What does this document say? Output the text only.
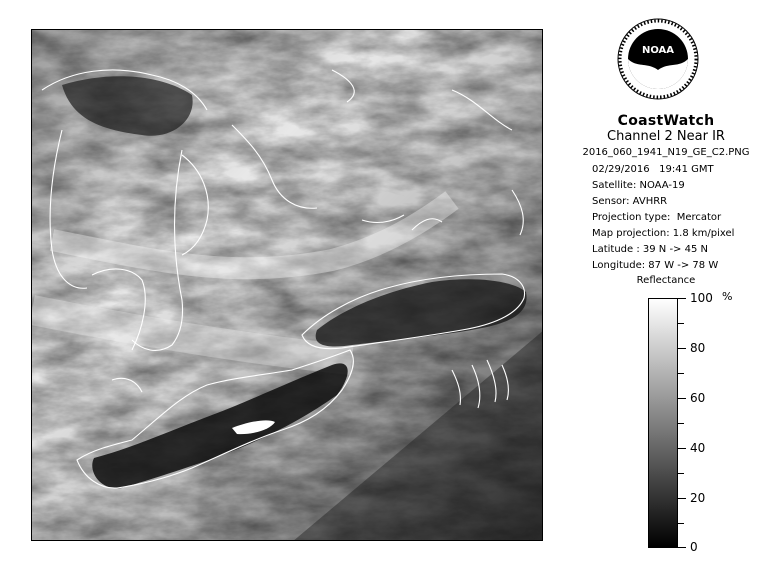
NOAA
CoastWatch
Channel 2 Near IR
2016_060_1941_N19_GE_C2.PNG
02/29/2016   19:41 GMT
Satellite: NOAA-19
Sensor: AVHRR
Projection type:  Mercator
Map projection: 1.8 km/pixel
Latitude : 39 N -> 45 N
Longitude: 87 W -> 78 W
Reflectance
%
100
80
60
40
20
0
